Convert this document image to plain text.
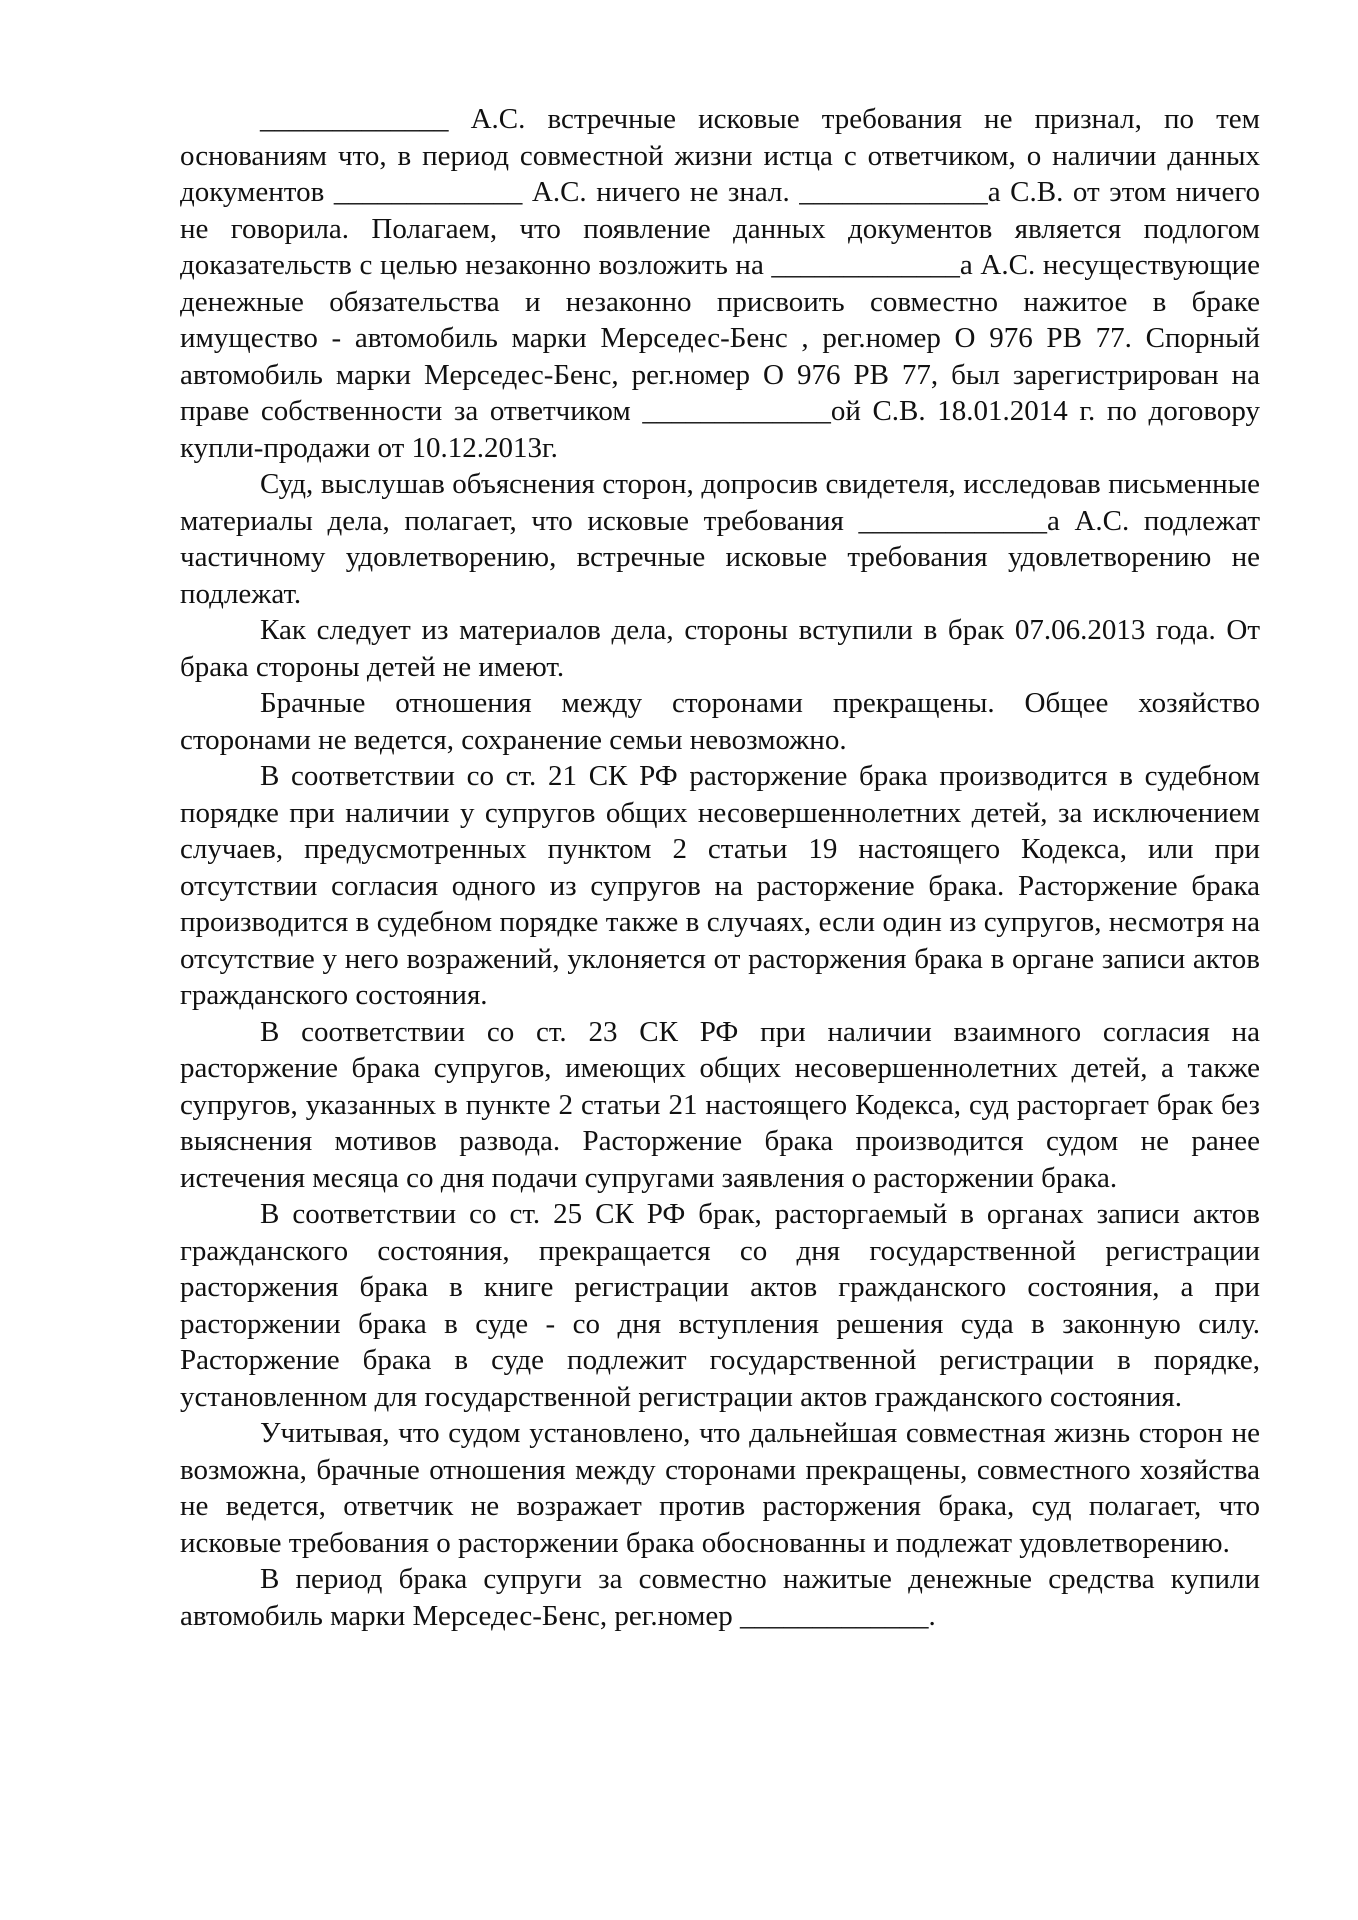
_____________ А.С. встречные исковые требования не признал, по тем основаниям что, в период совместной жизни истца с ответчиком, о наличии данных документов _____________ А.С. ничего не знал. _____________а С.В. от этом ничего не говорила. Полагаем, что появление данных документов является подлогом доказательств с целью незаконно возложить на _____________а А.С. несуществующие денежные обязательства и незаконно присвоить совместно нажитое в браке имущество - автомобиль марки Мерседес-Бенс , рег.номер О 976 РВ 77. Спорный автомобиль марки Мерседес-Бенс, рег.номер О 976 РВ 77, был зарегистрирован на праве собственности за ответчиком _____________ой С.В. 18.01.2014 г. по договору купли-продажи от 10.12.2013г.

Суд, выслушав объяснения сторон, допросив свидетеля, исследовав письменные материалы дела, полагает, что исковые требования _____________а А.С. подлежат частичному удовлетворению, встречные исковые требования удовлетворению не подлежат.

Как следует из материалов дела, стороны вступили в брак 07.06.2013 года. От брака стороны детей не имеют.

Брачные отношения между сторонами прекращены. Общее хозяйство сторонами не ведется, сохранение семьи невозможно.

В соответствии со ст. 21 СК РФ расторжение брака производится в судебном порядке при наличии у супругов общих несовершеннолетних детей, за исключением случаев, предусмотренных пунктом 2 статьи 19 настоящего Кодекса, или при отсутствии согласия одного из супругов на расторжение брака. Расторжение брака производится в судебном порядке также в случаях, если один из супругов, несмотря на отсутствие у него возражений, уклоняется от расторжения брака в органе записи актов гражданского состояния.

В соответствии со ст. 23 СК РФ при наличии взаимного согласия на расторжение брака супругов, имеющих общих несовершеннолетних детей, а также супругов, указанных в пункте 2 статьи 21 настоящего Кодекса, суд расторгает брак без выяснения мотивов развода. Расторжение брака производится судом не ранее истечения месяца со дня подачи супругами заявления о расторжении брака.

В соответствии со ст. 25 СК РФ брак, расторгаемый в органах записи актов гражданского состояния, прекращается со дня государственной регистрации расторжения брака в книге регистрации актов гражданского состояния, а при расторжении брака в суде - со дня вступления решения суда в законную силу. Расторжение брака в суде подлежит государственной регистрации в порядке, установленном для государственной регистрации актов гражданского состояния.

Учитывая, что судом установлено, что дальнейшая совместная жизнь сторон не возможна, брачные отношения между сторонами прекращены, совместного хозяйства не ведется, ответчик не возражает против расторжения брака, суд полагает, что исковые требования о расторжении брака обоснованны и подлежат удовлетворению.

В период брака супруги за совместно нажитые денежные средства купили автомобиль марки Мерседес-Бенс, рег.номер _____________.
